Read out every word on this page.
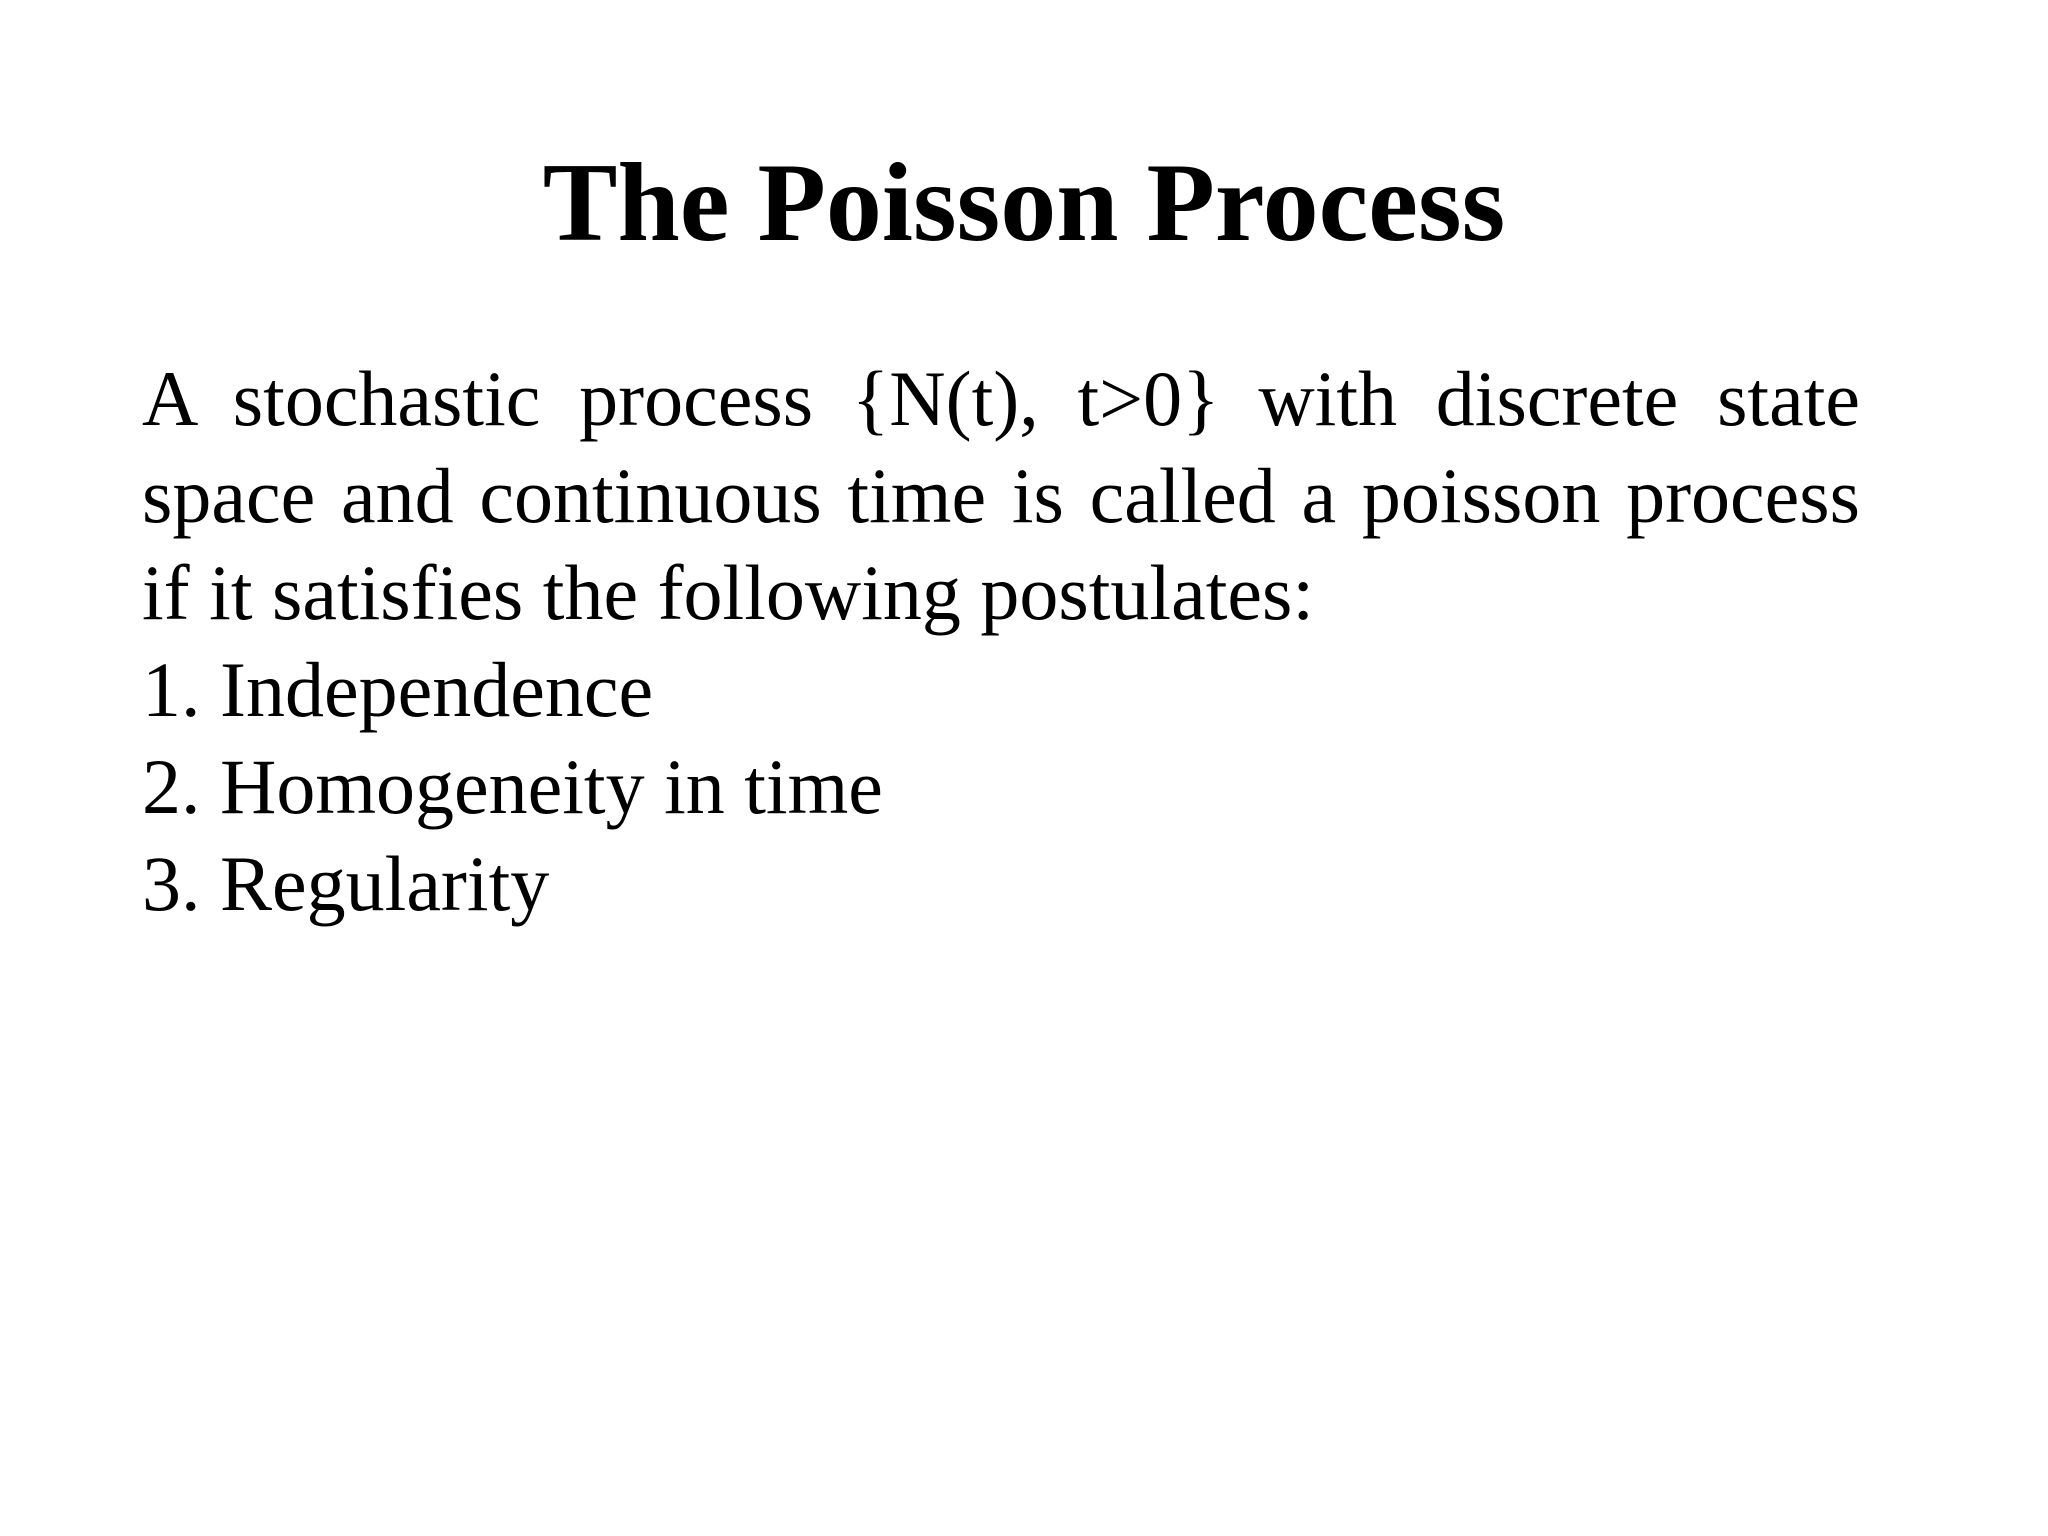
The Poisson Process

A stochastic process {N(t), t>0} with discrete state space and continuous time is called a poisson process if it satisfies the following postulates:

1. Independence
2. Homogeneity in time
3. Regularity
